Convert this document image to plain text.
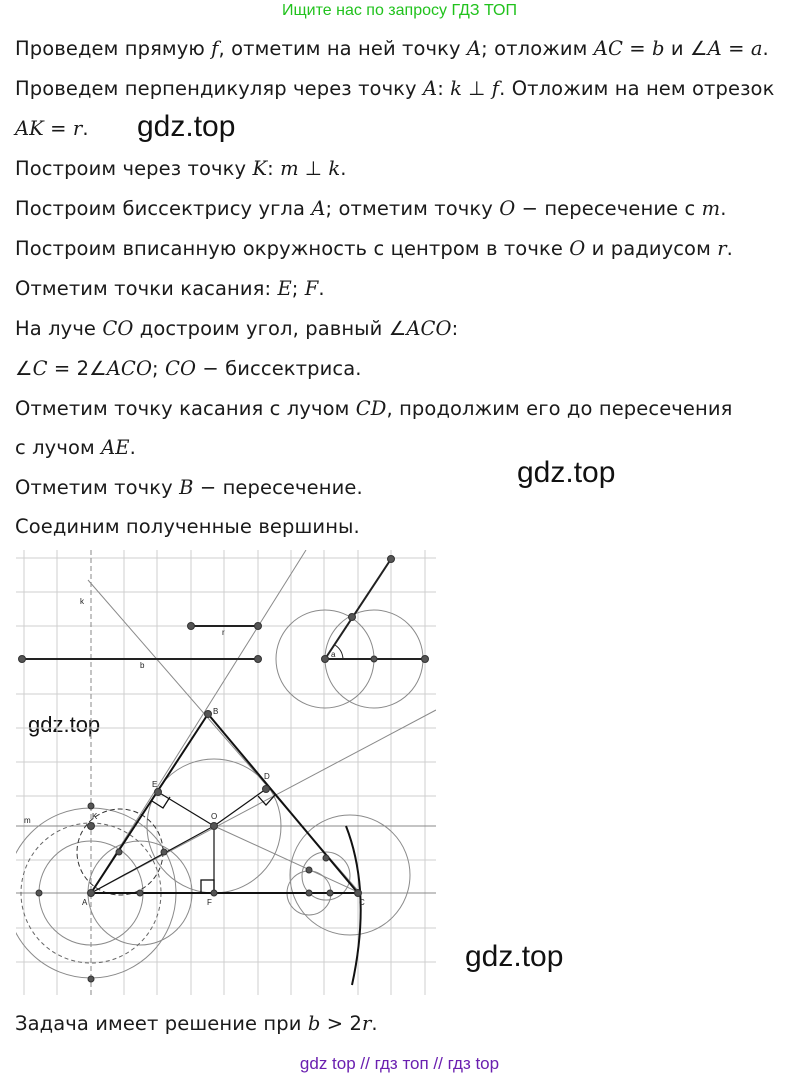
Ищите нас по запросу ГДЗ ТОП
Проведем прямую f, отметим на ней точку A; отложим AC = b и ∠A = a.
Проведем перпендикуляр через точку A: k ⊥ f. Отложим на нем отрезок
AK = r.
Построим через точку K: m ⊥ k.
Построим биссектрису угла A; отметим точку O − пересечение с m.
Построим вписанную окружность с центром в точке O и радиусом r.
Отметим точки касания: E; F.
На луче CO достроим угол, равный ∠ACO:
∠C = 2∠ACO; CO − биссектриса.
Отметим точку касания с лучом CD, продолжим его до пересечения
с лучом AE.
Отметим точку B − пересечение.
Соединим полученные вершины.
gdz.top
gdz.top
gdz.top
gdz.top
k
b
r
a
B
E
D
m	K	O
A	F	C
Задача имеет решение при b > 2r.
gdz top // гдз топ // гдз top
